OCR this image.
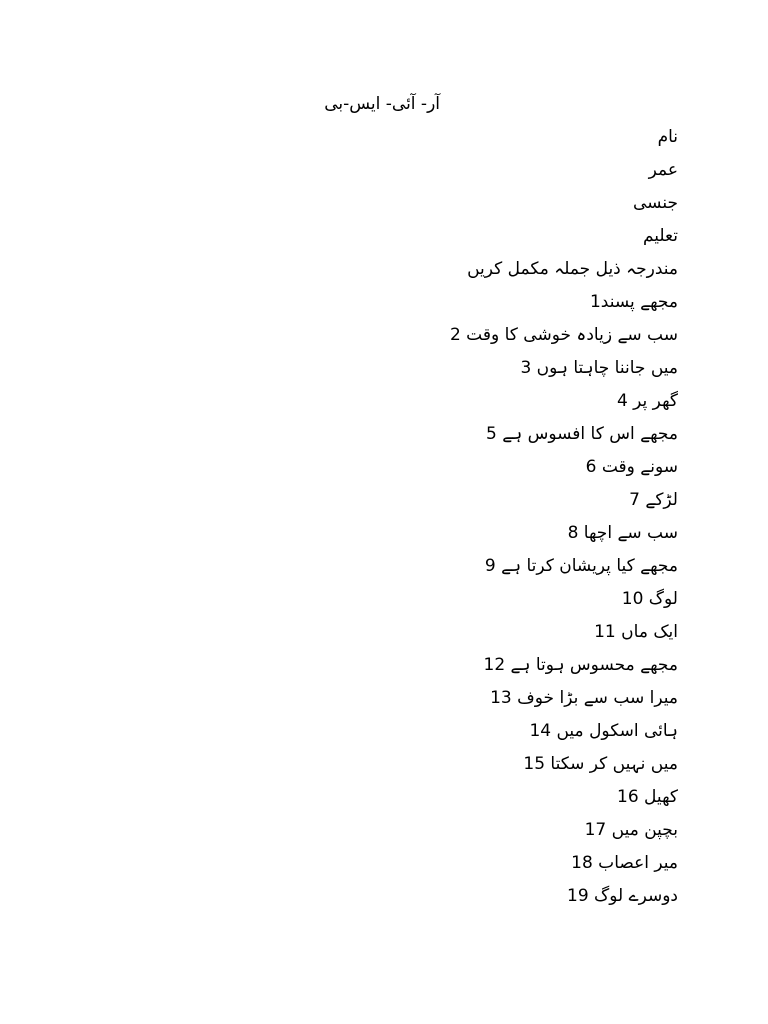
آر- آئی- ایس-بی
نام
عمر
جنسی
تعلیم
مندرجہ ذیل جملہ مکمل کریں
مجھے پسند1
سب سے زیادہ خوشی کا وقت 2
میں جاننا چاہتا ہوں 3
گھر پر 4
مجھے اس کا افسوس ہے 5
سونے وقت 6
لڑکے 7
سب سے اچھا 8
مجھے کیا پریشان کرتا ہے 9
لوگ 10
ایک ماں 11
مجھے محسوس ہوتا ہے 12
میرا سب سے بڑا خوف 13
ہائی اسکول میں 14
میں نہیں کر سکتا 15
کھیل 16
بچپن میں 17
میر اعصاب 18
دوسرے لوگ 19
